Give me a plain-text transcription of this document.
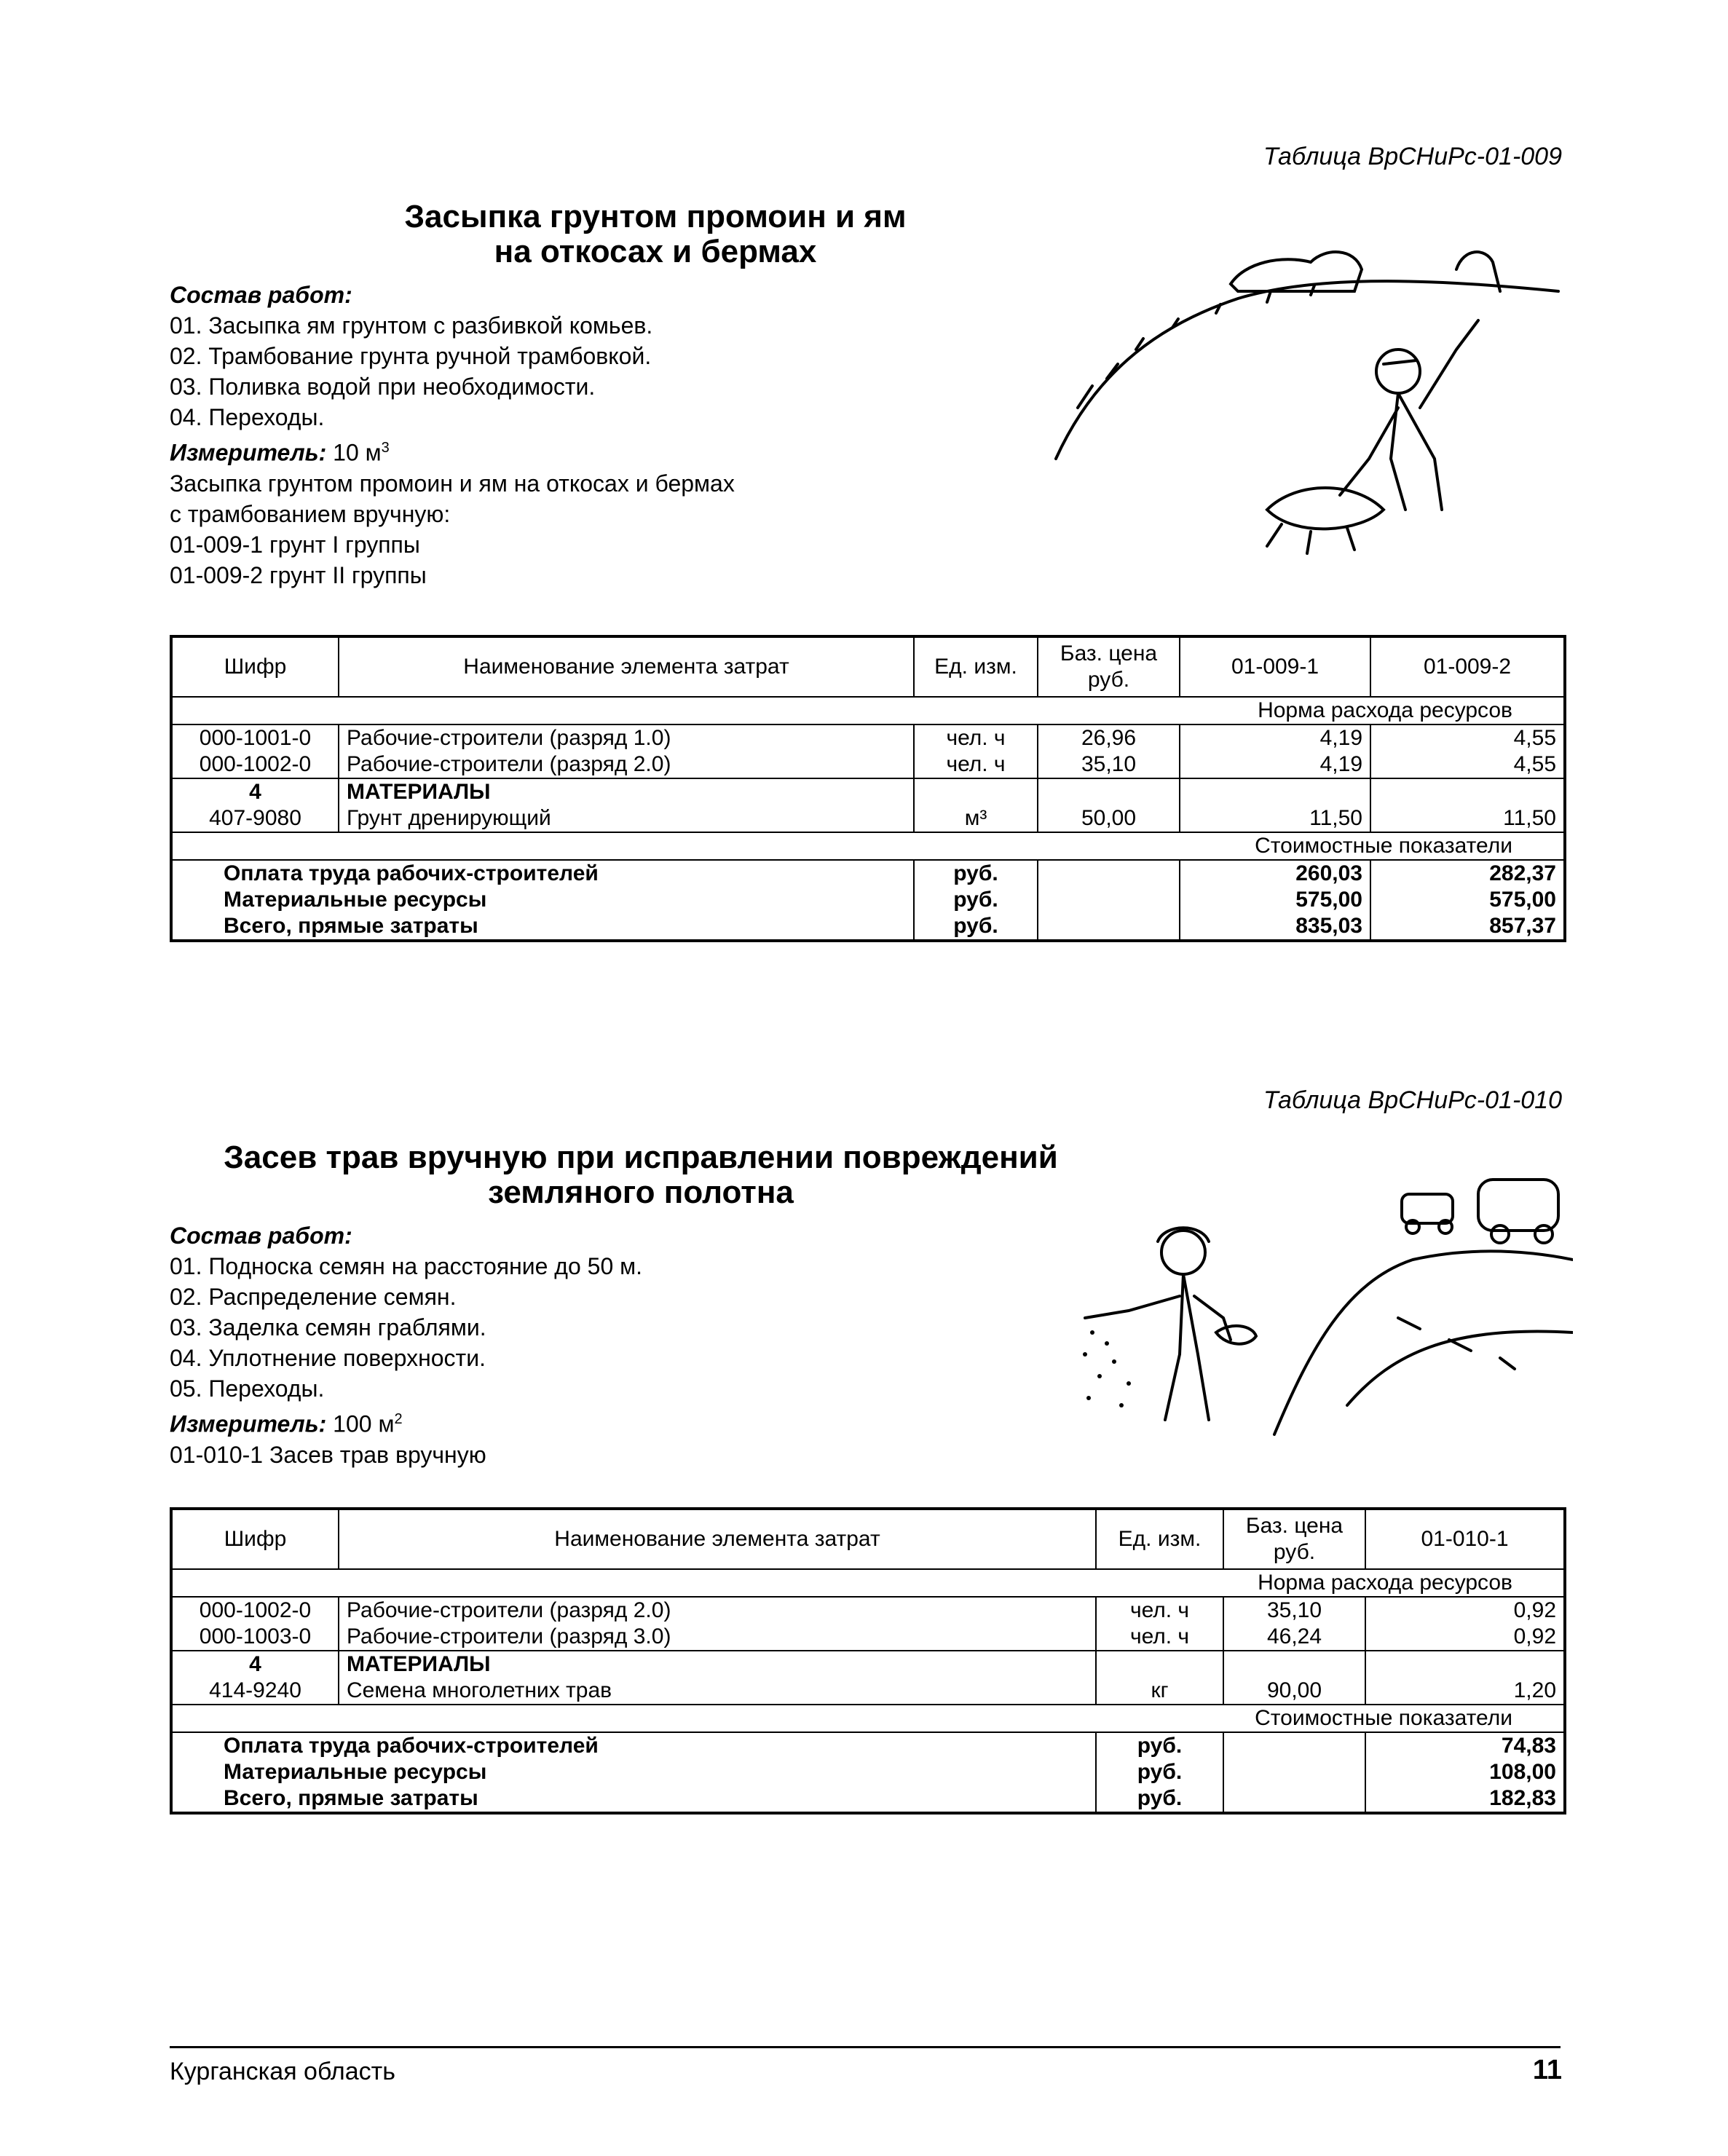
Таблица ВрСНиРс-01-009
Засыпка грунтом промоин и ям
на откосах и бермах
Состав работ:
01. Засыпка ям грунтом с разбивкой комьев.
02. Трамбование грунта ручной трамбовкой.
03. Поливка водой при необходимости.
04. Переходы.
Измеритель: 10 $м^3$
Засыпка грунтом промоин и ям на откосах и бермах
с трамбованием вручную:
01-009-1 грунт I группы
01-009-2 грунт II группы
Шифр	Наименование элемента затрат	Ед. изм.	Баз. цена руб.	01-009-1	01-009-2
Норма расхода ресурсов					
000-1001-0	Рабочие-строители (разряд 1.0)	чел. ч	26,96	4,19	4,55
000-1002-0	Рабочие-строители (разряд 2.0)	чел. ч	35,10	4,19	4,55
4	МАТЕРИАЛЫ				
407-9080	Грунт дренирующий	м³	50,00	11,50	11,50
Стоимостные показатели					
Оплата труда рабочих-строителей		руб.		260,03	282,37
Материальные ресурсы		руб.		575,00	575,00
Всего, прямые затраты		руб.		835,03	857,37
Таблица ВрСНиРс-01-010
Засев трав вручную при исправлении повреждений
земляного полотна
Состав работ:
01. Подноска семян на расстояние до 50 м.
02. Распределение семян.
03. Заделка семян граблями.
04. Уплотнение поверхности.
05. Переходы.
Измеритель: 100 $м^2$
01-010-1 Засев трав вручную
Шифр	Наименование элемента затрат	Ед. изм.	Баз. цена руб.	01-010-1
Норма расхода ресурсов				
000-1002-0	Рабочие-строители (разряд 2.0)	чел. ч	35,10	0,92
000-1003-0	Рабочие-строители (разряд 3.0)	чел. ч	46,24	0,92
4	МАТЕРИАЛЫ			
414-9240	Семена многолетних трав	кг	90,00	1,20
Стоимостные показатели				
Оплата труда рабочих-строителей		руб.		74,83
Материальные ресурсы		руб.		108,00
Всего, прямые затраты		руб.		182,83
Курганская область	11
